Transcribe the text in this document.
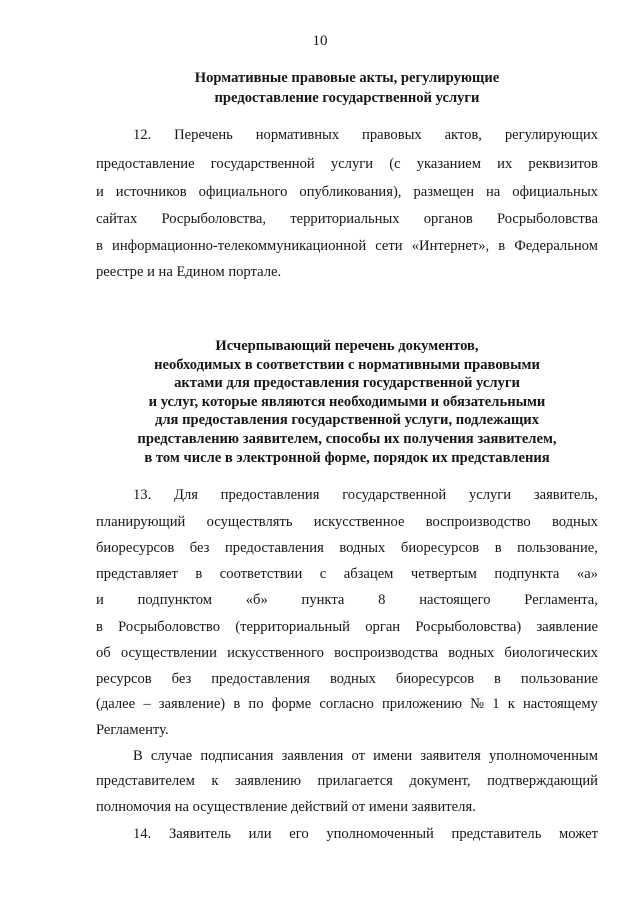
10
Нормативные правовые акты, регулирующие
предоставление государственной услуги
12. Перечень нормативных правовых актов, регулирующих
предоставление государственной услуги (с указанием их реквизитов
и источников официального опубликования), размещен на официальных
сайтах Росрыболовства, территориальных органов Росрыболовства
в информационно-телекоммуникационной сети «Интернет», в Федеральном
реестре и на Едином портале.
Исчерпывающий перечень документов,
необходимых в соответствии с нормативными правовыми
актами для предоставления государственной услуги
и услуг, которые являются необходимыми и обязательными
для предоставления государственной услуги, подлежащих
представлению заявителем, способы их получения заявителем,
в том числе в электронной форме, порядок их представления
13. Для предоставления государственной услуги заявитель,
планирующий осуществлять искусственное воспроизводство водных
биоресурсов без предоставления водных биоресурсов в пользование,
представляет в соответствии с абзацем четвертым подпункта «а»
и подпунктом «б» пункта 8 настоящего Регламента,
в Росрыболовство (территориальный орган Росрыболовства) заявление
об осуществлении искусственного воспроизводства водных биологических
ресурсов без предоставления водных биоресурсов в пользование
(далее – заявление) в по форме согласно приложению № 1 к настоящему
Регламенту.
В случае подписания заявления от имени заявителя уполномоченным
представителем к заявлению прилагается документ, подтверждающий
полномочия на осуществление действий от имени заявителя.
14. Заявитель или его уполномоченный представитель может
